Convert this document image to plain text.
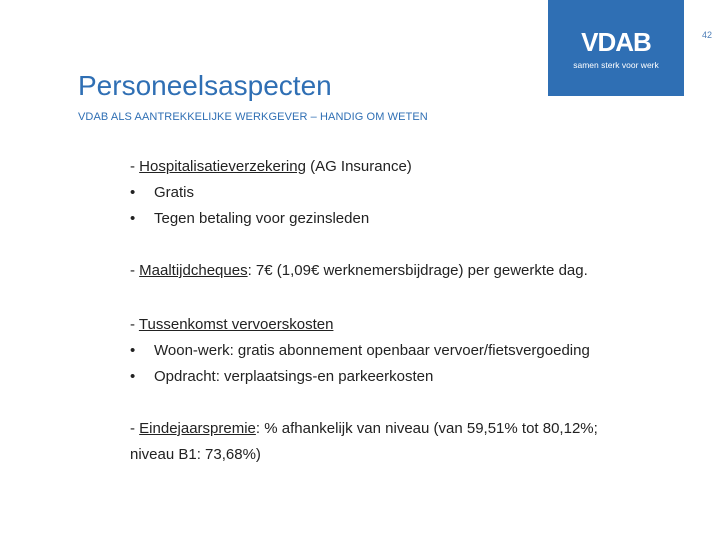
42
VDAB
samen sterk voor werk
Personeelsaspecten
VDAB ALS AANTREKKELIJKE WERKGEVER – HANDIG OM WETEN
- Hospitalisatieverzekering (AG Insurance)
• Gratis
• Tegen betaling voor gezinsleden
- Maaltijdcheques: 7€ (1,09€ werknemersbijdrage) per gewerkte dag.
- Tussenkomst vervoerskosten
• Woon-werk: gratis abonnement openbaar vervoer/fietsvergoeding
• Opdracht: verplaatsings-en parkeerkosten
- Eindejaarspremie: % afhankelijk van niveau (van 59,51% tot 80,12%;
niveau B1: 73,68%)
